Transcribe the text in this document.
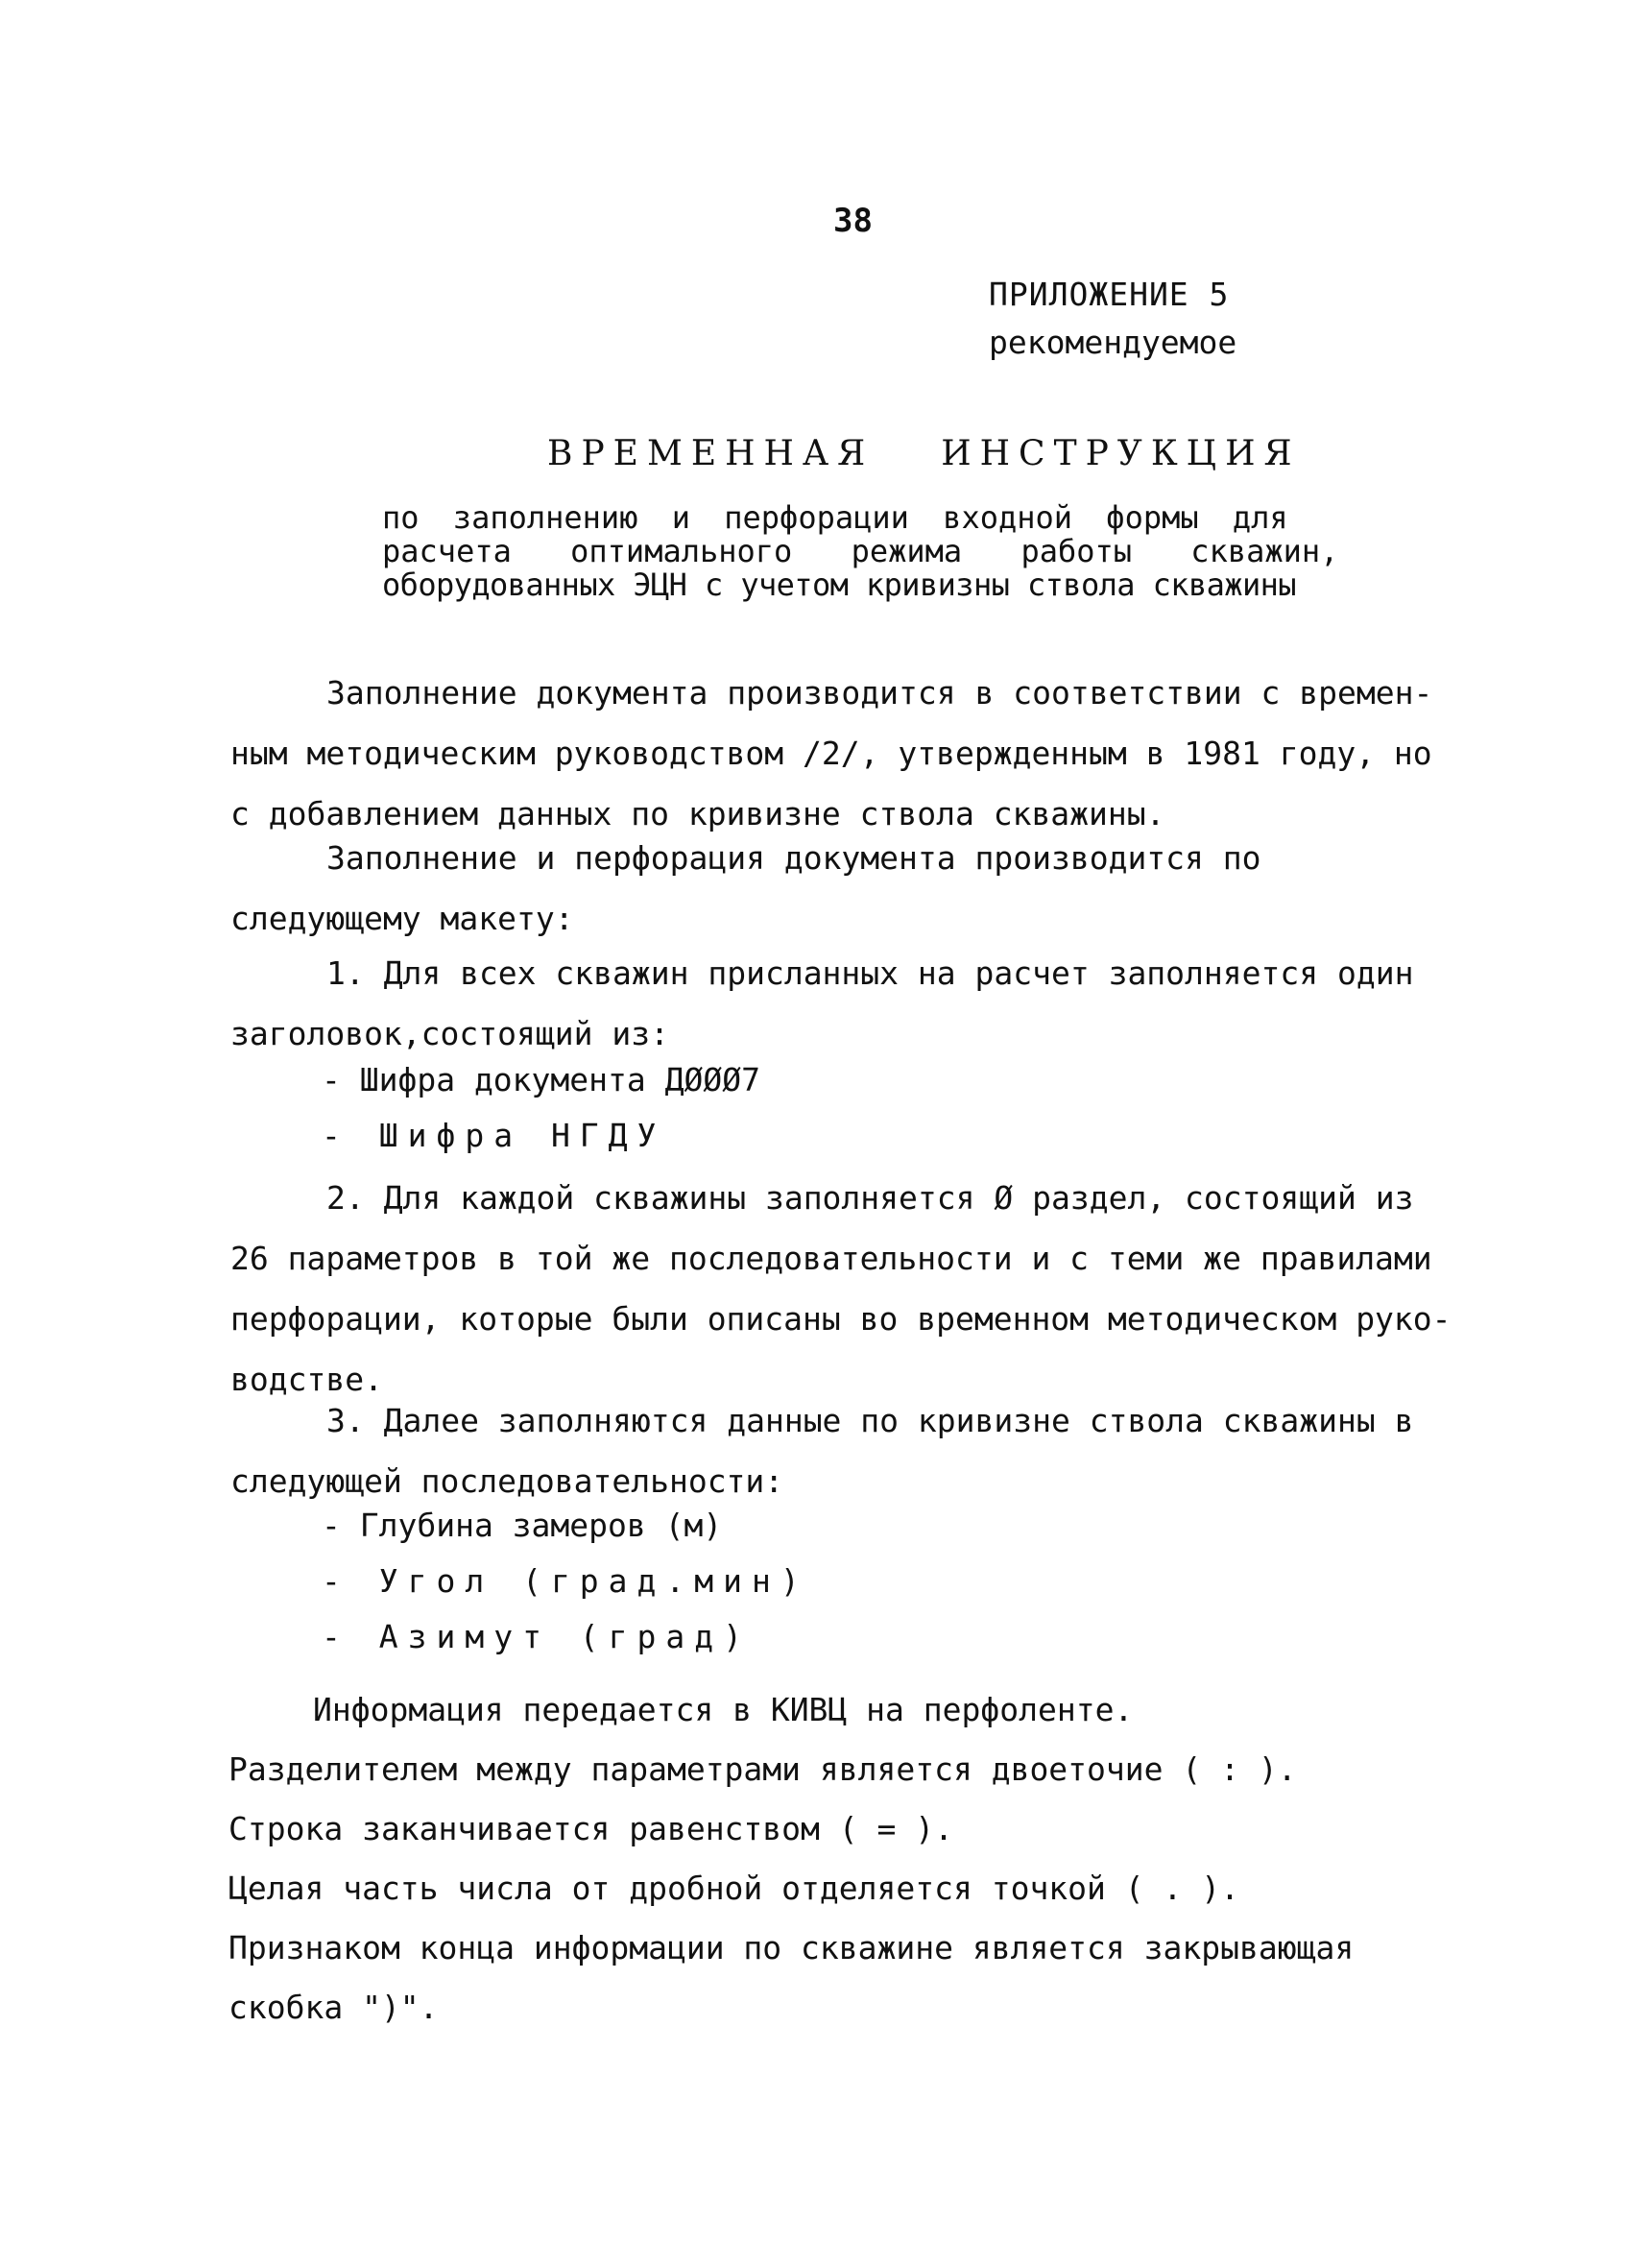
38
ПРИЛОЖЕНИЕ 5
рекомендуемое
ВРЕМЕННАЯ ИНСТРУКЦИЯ
по заполнению и перфорации входной формы для
расчета оптимального режима работы скважин,
оборудованных ЭЦН с учетом кривизны ствола скважины
Заполнение документа производится в соответствии с времен-
ным методическим руководством /2/, утвержденным в 1981 году, но
с добавлением данных по кривизне ствола скважины.
Заполнение и перфорация документа производится по
следующему макету:
1. Для всех скважин присланных на расчет заполняется один
заголовок,состоящий из:
- Шифра документа ДØØØ7
- Шифра НГДУ
2. Для каждой скважины заполняется Ø раздел, состоящий из
26 параметров в той же последовательности и с теми же правилами
перфорации, которые были описаны во временном методическом руко-
водстве.
3. Далее заполняются данные по кривизне ствола скважины в
следующей последовательности:
- Глубина замеров (м)
- Угол (град.мин)
- Азимут (град)
Информация передается в КИВЦ на перфоленте.
Разделителем между параметрами является двоеточие ( : ).
Строка заканчивается равенством ( = ).
Целая часть числа от дробной отделяется точкой ( . ).
Признаком конца информации по скважине является закрывающая
скобка ")".
